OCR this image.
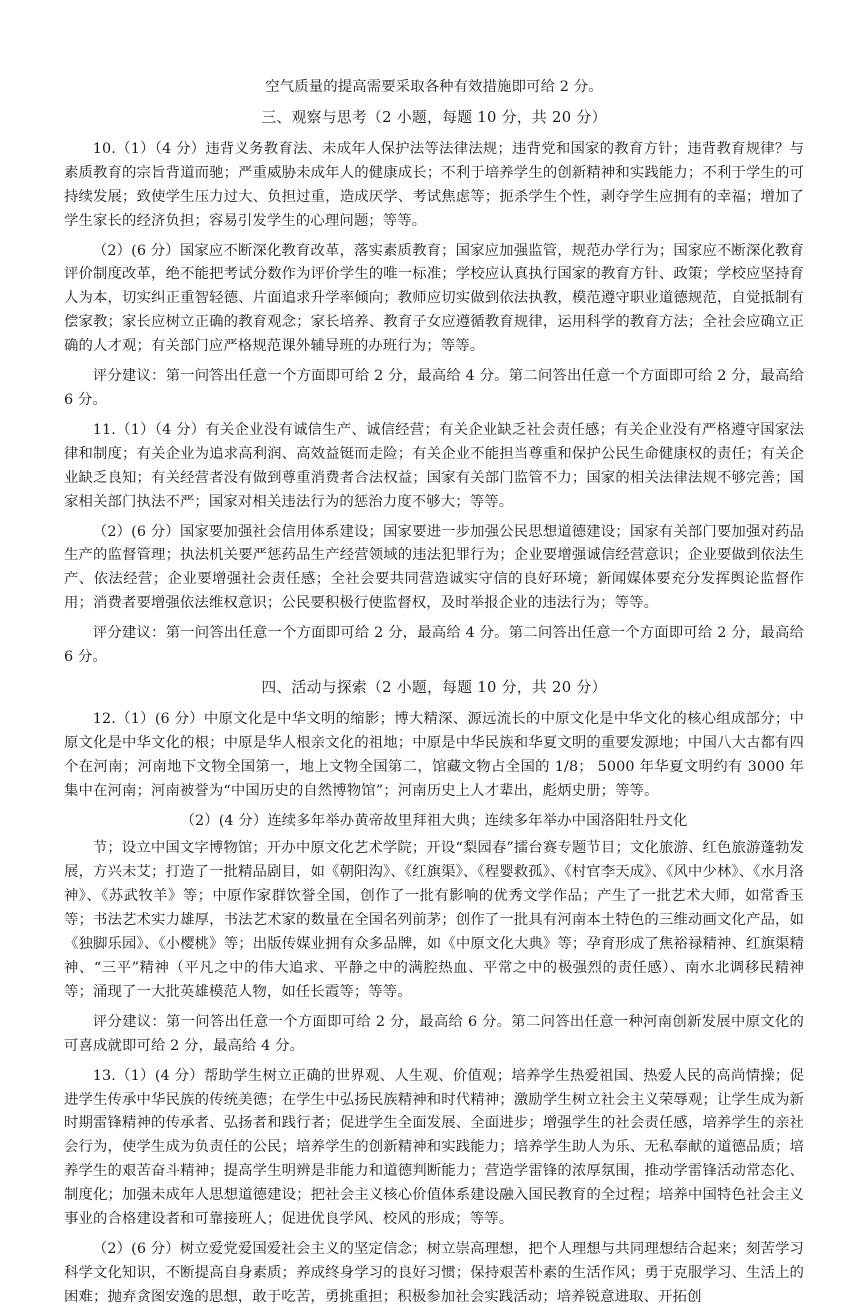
空气质量的提高需要采取各种有效措施即可给 2 分。

三、观察与思考（2 小题，每题 10 分，共 20 分）

10.（1）（4 分）违背义务教育法、未成年人保护法等法律法规；违背党和国家的教育方针；违背教育规律？与素质教育的宗旨背道而驰；严重威胁未成年人的健康成长；不利于培养学生的创新精神和实践能力；不利于学生的可持续发展；致使学生压力过大、负担过重，造成厌学、考试焦虑等；扼杀学生个性，剥夺学生应拥有的幸福；增加了学生家长的经济负担；容易引发学生的心理问题；等等。

（2）(6 分）国家应不断深化教育改革，落实素质教育；国家应加强监管，规范办学行为；国家应不断深化教育评价制度改革，绝不能把考试分数作为评价学生的唯一标准；学校应认真执行国家的教育方针、政策；学校应坚持育人为本，切实纠正重智轻德、片面追求升学率倾向；教师应切实做到依法执教，模范遵守职业道德规范，自觉抵制有偿家教；家长应树立正确的教育观念；家长培养、教育子女应遵循教育规律，运用科学的教育方法；全社会应确立正确的人才观；有关部门应严格规范课外辅导班的办班行为；等等。

评分建议：第一问答出任意一个方面即可给 2 分，最高给 4 分。第二问答出任意一个方面即可给 2 分，最高给 6 分。

11.（1）（4 分）有关企业没有诚信生产、诚信经营；有关企业缺乏社会责任感；有关企业没有严格遵守国家法律和制度；有关企业为追求高利润、高效益铤而走险；有关企业不能担当尊重和保护公民生命健康权的责任；有关企业缺乏良知；有关经营者没有做到尊重消费者合法权益；国家有关部门监管不力；国家的相关法律法规不够完善；国家相关部门执法不严；国家对相关违法行为的惩治力度不够大；等等。

（2）(6 分）国家要加强社会信用体系建设；国家要进一步加强公民思想道德建设；国家有关部门要加强对药品生产的监督管理；执法机关要严惩药品生产经营领域的违法犯罪行为；企业要增强诚信经营意识；企业要做到依法生产、依法经营；企业要增强社会责任感；全社会要共同营造诚实守信的良好环境；新闻媒体要充分发挥舆论监督作用；消费者要增强依法维权意识；公民要积极行使监督权，及时举报企业的违法行为；等等。

评分建议：第一问答出任意一个方面即可给 2 分，最高给 4 分。第二问答出任意一个方面即可给 2 分，最高给 6 分。

四、活动与探索（2 小题，每题 10 分，共 20 分）

12.（1）(6 分）中原文化是中华文明的缩影；博大精深、源远流长的中原文化是中华文化的核心组成部分；中原文化是中华文化的根；中原是华人根亲文化的祖地；中原是中华民族和华夏文明的重要发源地；中国八大古都有四个在河南；河南地下文物全国第一，地上文物全国第二，馆藏文物占全国的 1/8； 5000 年华夏文明约有 3000 年集中在河南；河南被誉为“中国历史的自然博物馆”；河南历史上人才辈出，彪炳史册；等等。

（2）(4 分）连续多年举办黄帝故里拜祖大典；连续多年举办中国洛阳牡丹文化

节；设立中国文字博物馆；开办中原文化艺术学院；开设“梨园春”擂台赛专题节目；文化旅游、红色旅游蓬勃发展，方兴未艾；打造了一批精品剧目，如《朝阳沟》、《红旗渠》、《程婴救孤》、《村官李天成》、《风中少林》、《水月洛神》、《苏武牧羊》等；中原作家群饮誉全国，创作了一批有影响的优秀文学作品；产生了一批艺术大师，如常香玉等；书法艺术实力雄厚，书法艺术家的数量在全国名列前茅；创作了一批具有河南本土特色的三维动画文化产品，如《独脚乐园》、《小樱桃》等；出版传媒业拥有众多品牌，如《中原文化大典》等；孕育形成了焦裕禄精神、红旗渠精神、“三平”精神（平凡之中的伟大追求、平静之中的满腔热血、平常之中的极强烈的责任感）、南水北调移民精神等；涌现了一大批英雄模范人物，如任长霞等；等等。

评分建议：第一问答出任意一个方面即可给 2 分，最高给 6 分。第二问答出任意一种河南创新发展中原文化的可喜成就即可给 2 分，最高给 4 分。

13.（1）(4 分）帮助学生树立正确的世界观、人生观、价值观；培养学生热爱祖国、热爱人民的高尚情操；促进学生传承中华民族的传统美德；在学生中弘扬民族精神和时代精神；激励学生树立社会主义荣辱观；让学生成为新时期雷锋精神的传承者、弘扬者和践行者；促进学生全面发展、全面进步；增强学生的社会责任感，培养学生的亲社会行为，使学生成为负责任的公民；培养学生的创新精神和实践能力；培养学生助人为乐、无私奉献的道德品质；培养学生的艰苦奋斗精神；提高学生明辨是非能力和道德判断能力；营造学雷锋的浓厚氛围，推动学雷锋活动常态化、制度化；加强未成年人思想道德建设；把社会主义核心价值体系建设融入国民教育的全过程；培养中国特色社会主义事业的合格建设者和可靠接班人；促进优良学风、校风的形成；等等。

（2）(6 分）树立爱党爱国爱社会主义的坚定信念；树立崇高理想，把个人理想与共同理想结合起来；刻苦学习科学文化知识，不断提高自身素质；养成终身学习的良好习惯；保持艰苦朴素的生活作风；勇于克服学习、生活上的困难；抛弃贪图安逸的思想，敢于吃苦，勇挑重担；积极参加社会实践活动；培养锐意进取、开拓创
